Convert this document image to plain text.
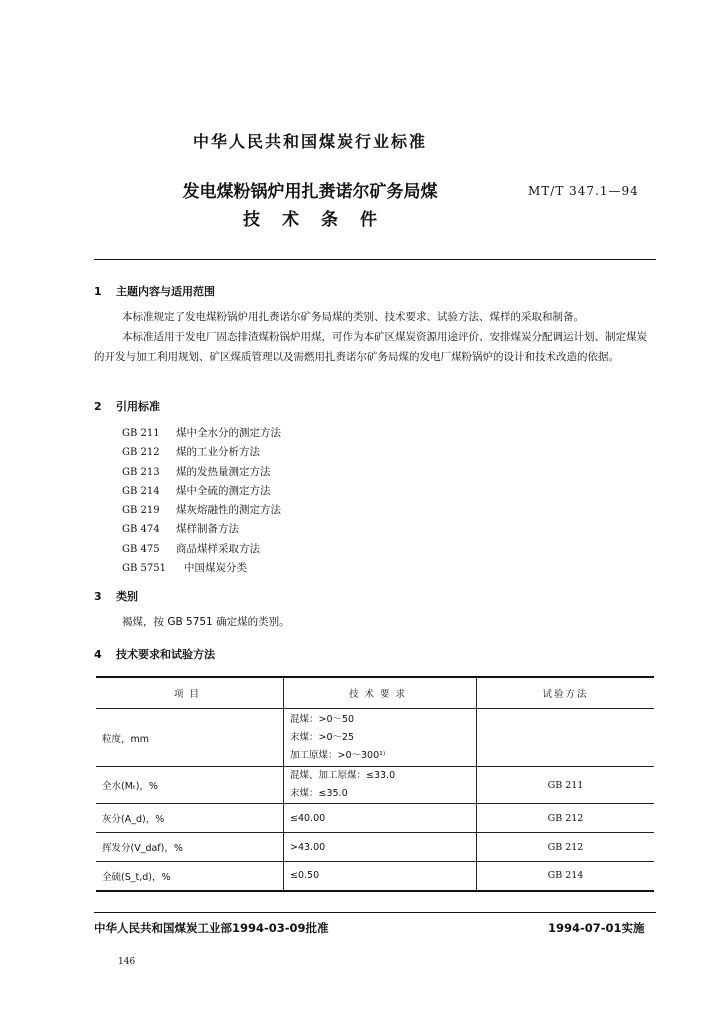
中华人民共和国煤炭行业标准
发电煤粉锅炉用扎赉诺尔矿务局煤
技术条件
MT/T 347.1—94
1 主题内容与适用范围
本标准规定了发电煤粉锅炉用扎赉诺尔矿务局煤的类别、技术要求、试验方法、煤样的采取和制备。
本标准适用于发电厂固态排渣煤粉锅炉用煤，可作为本矿区煤炭资源用途评价、安排煤炭分配调运计划、制定煤炭的开发与加工利用规划、矿区煤质管理以及需燃用扎赉诺尔矿务局煤的发电厂煤粉锅炉的设计和技术改造的依据。
2 引用标准
GB 211 煤中全水分的测定方法
GB 212 煤的工业分析方法
GB 213 煤的发热量测定方法
GB 214 煤中全硫的测定方法
GB 219 煤灰熔融性的测定方法
GB 474 煤样制备方法
GB 475 商品煤样采取方法
GB 5751 中国煤炭分类
3 类别
褐煤，按 GB 5751 确定煤的类别。
4 技术要求和试验方法
项目	技术要求	试验方法
粒度，mm	混煤：>0～50
末煤：>0～25
加工原煤：>0～300¹⁾	

全水(Mₜ)，%	混煤、加工原煤：≤33.0
末煤：≤35.0	GB 211
灰分(A_d)，%	≤40.00	GB 212
挥发分(V_daf)，%	>43.00	GB 212
全硫(S_t,d)，%	≤0.50	GB 214
中华人民共和国煤炭工业部1994-03-09批准	1994-07-01实施
146
